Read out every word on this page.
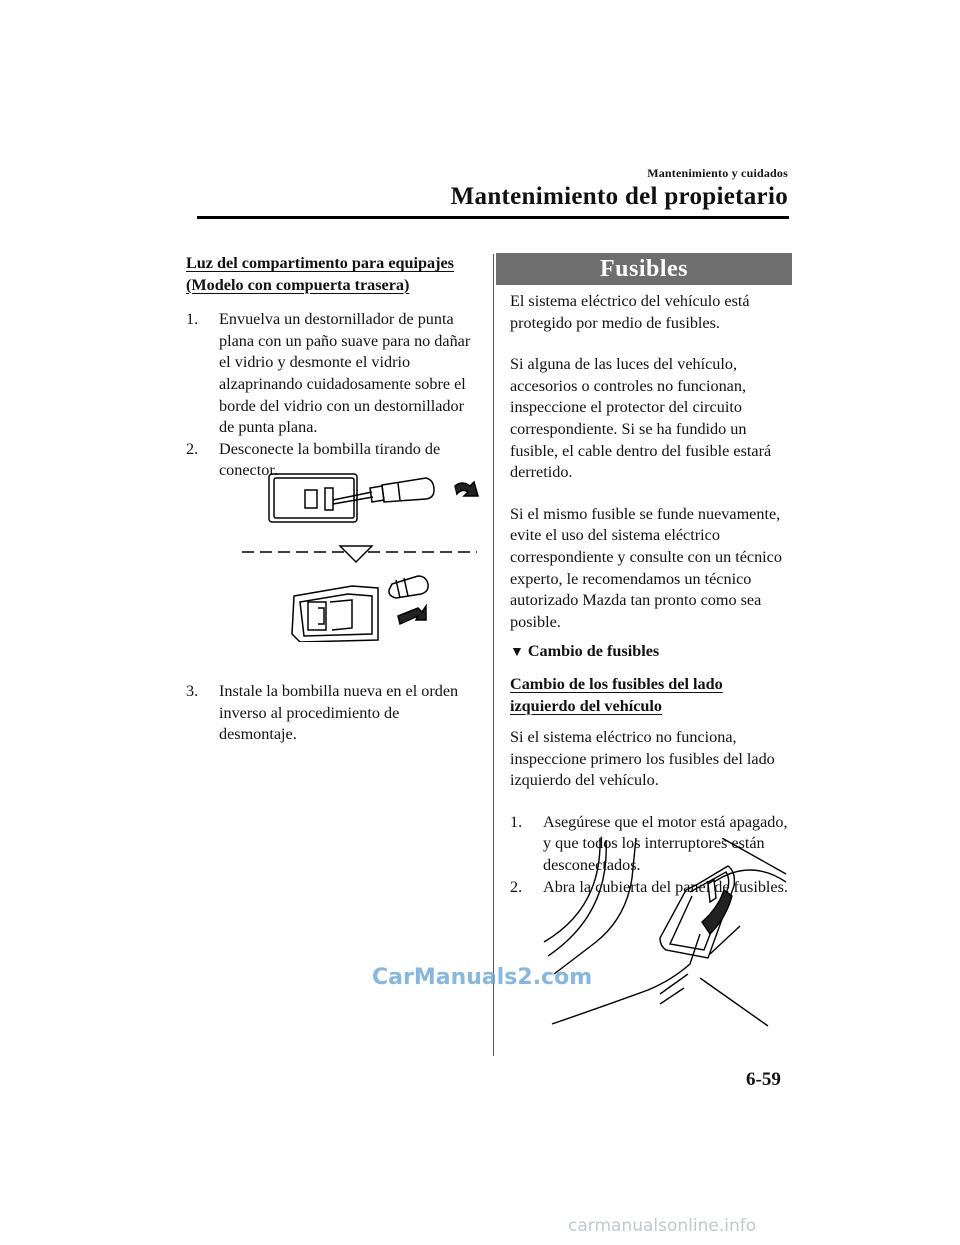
Mantenimiento y cuidados
Mantenimiento del propietario

Luz del compartimento para equipajes

(Modelo con compuerta trasera)

1. Envuelva un destornillador de punta plana con un paño suave para no dañar el vidrio y desmonte el vidrio alzaprinando cuidadosamente sobre el borde del vidrio con un destornillador de punta plana.

2. Desconecte la bombilla tirando de conector.

3. Instale la bombilla nueva en el orden inverso al procedimiento de desmontaje.

Fusibles

El sistema eléctrico del vehículo está protegido por medio de fusibles.

Si alguna de las luces del vehículo, accesorios o controles no funcionan, inspeccione el protector del circuito correspondiente. Si se ha fundido un fusible, el cable dentro del fusible estará derretido.

Si el mismo fusible se funde nuevamente, evite el uso del sistema eléctrico correspondiente y consulte con un técnico experto, le recomendamos un técnico autorizado Mazda tan pronto como sea posible.

▼ Cambio de fusibles

Cambio de los fusibles del lado

izquierdo del vehículo

Si el sistema eléctrico no funciona, inspeccione primero los fusibles del lado izquierdo del vehículo.

1. Asegúrese que el motor está apagado, y que todos los interruptores están desconectados.

2. Abra la cubierta del panel de fusibles.

CarManuals2.com
6-59
carmanualsonline.info
